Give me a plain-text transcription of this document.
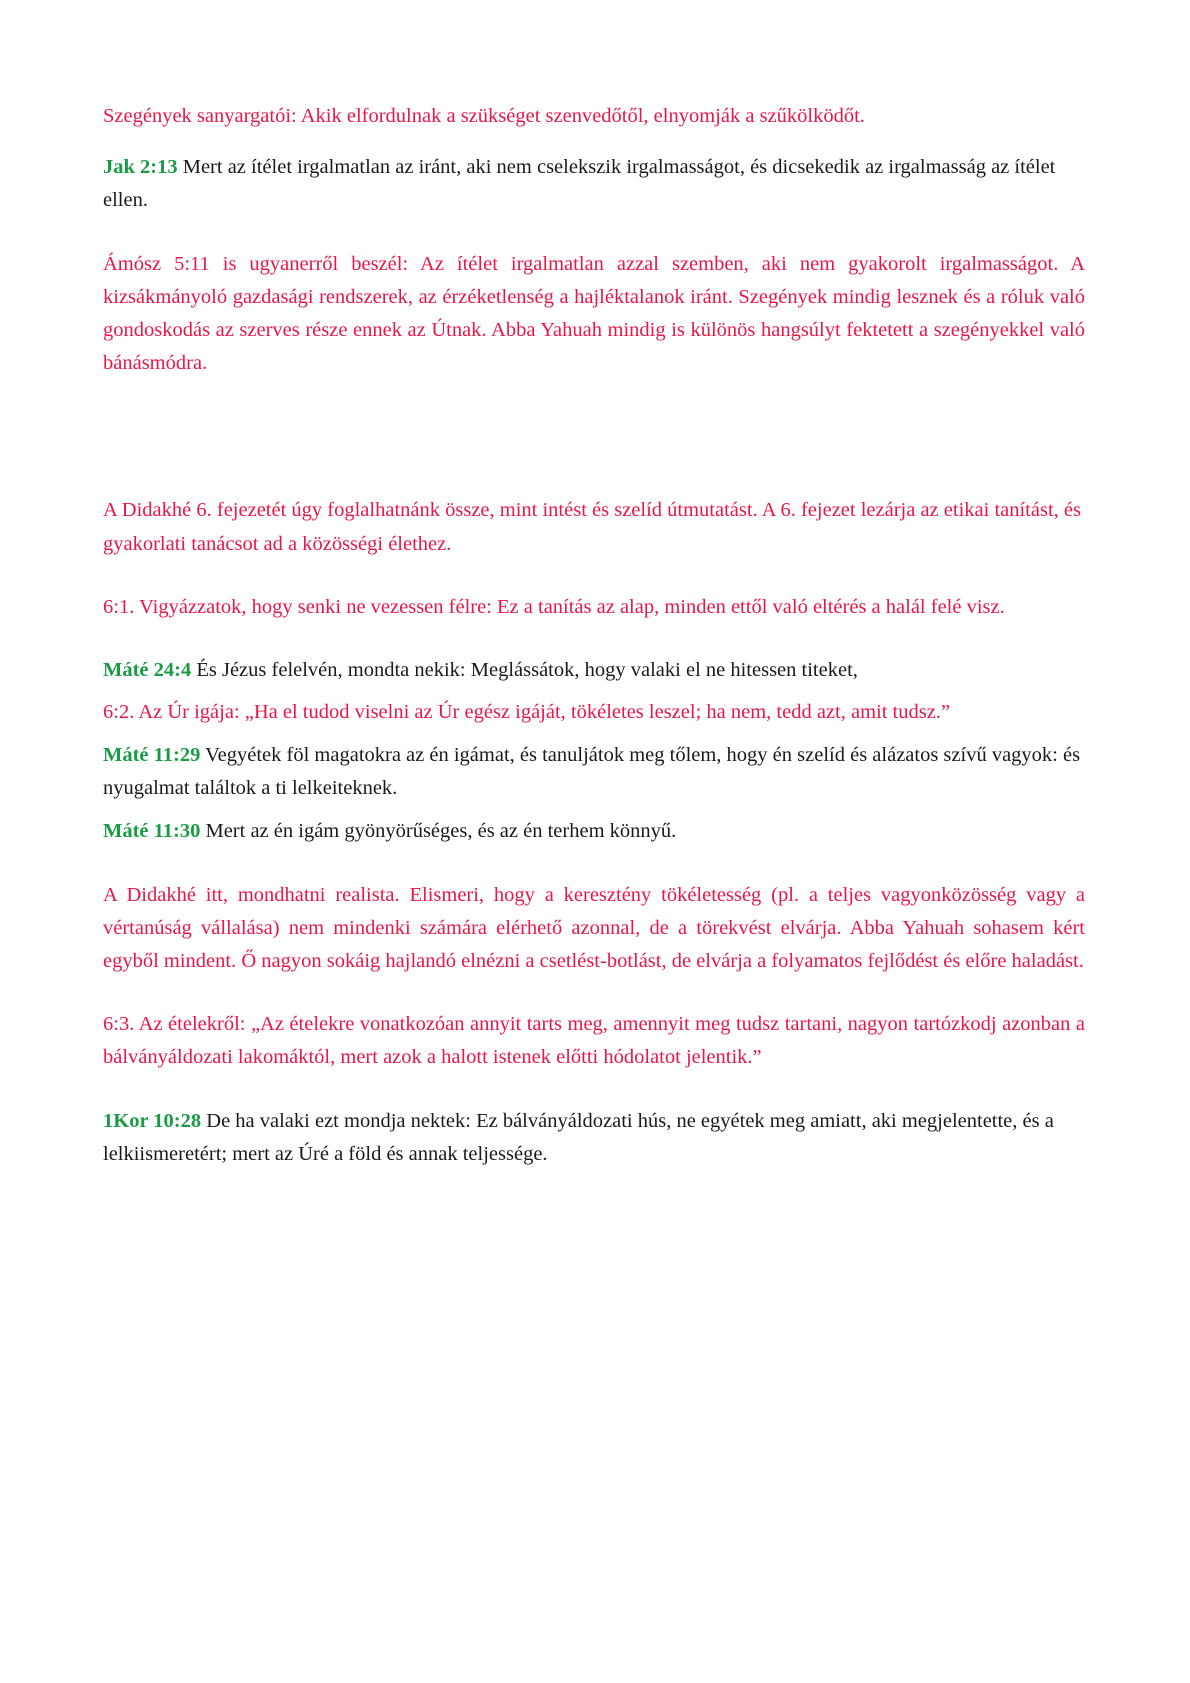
Szegények sanyargatói: Akik elfordulnak a szükséget szenvedőtől, elnyomják a szűkölködőt.

Jak 2:13 Mert az ítélet irgalmatlan az iránt, aki nem cselekszik irgalmasságot, és dicsekedik az irgalmasság az ítélet ellen.

Ámósz 5:11 is ugyanerről beszél: Az ítélet irgalmatlan azzal szemben, aki nem gyakorolt irgalmasságot. A kizsákmányoló gazdasági rendszerek, az érzéketlenség a hajléktalanok iránt. Szegények mindig lesznek és a róluk való gondoskodás az szerves része ennek az Útnak. Abba Yahuah mindig is különös hangsúlyt fektetett a szegényekkel való bánásmódra.

A Didakhé 6. fejezetét úgy foglalhatnánk össze, mint intést és szelíd útmutatást. A 6. fejezet lezárja az etikai tanítást, és gyakorlati tanácsot ad a közösségi élethez.

6:1. Vigyázzatok, hogy senki ne vezessen félre: Ez a tanítás az alap, minden ettől való eltérés a halál felé visz.

Máté 24:4 És Jézus felelvén, mondta nekik: Meglássátok, hogy valaki el ne hitessen titeket,

6:2. Az Úr igája: „Ha el tudod viselni az Úr egész igáját, tökéletes leszel; ha nem, tedd azt, amit tudsz.”

Máté 11:29 Vegyétek föl magatokra az én igámat, és tanuljátok meg tőlem, hogy én szelíd és alázatos szívű vagyok: és nyugalmat találtok a ti lelkeiteknek.

Máté 11:30 Mert az én igám gyönyörűséges, és az én terhem könnyű.

A Didakhé itt, mondhatni realista. Elismeri, hogy a keresztény tökéletesség (pl. a teljes vagyonközösség vagy a vértanúság vállalása) nem mindenki számára elérhető azonnal, de a törekvést elvárja. Abba Yahuah sohasem kért egyből mindent. Ő nagyon sokáig hajlandó elnézni a csetlést-botlást, de elvárja a folyamatos fejlődést és előre haladást.

6:3. Az ételekről: „Az ételekre vonatkozóan annyit tarts meg, amennyit meg tudsz tartani, nagyon tartózkodj azonban a bálványáldozati lakomáktól, mert azok a halott istenek előtti hódolatot jelentik.”

1Kor 10:28 De ha valaki ezt mondja nektek: Ez bálványáldozati hús, ne egyétek meg amiatt, aki megjelentette, és a lelkiismeretért; mert az Úré a föld és annak teljessége.
